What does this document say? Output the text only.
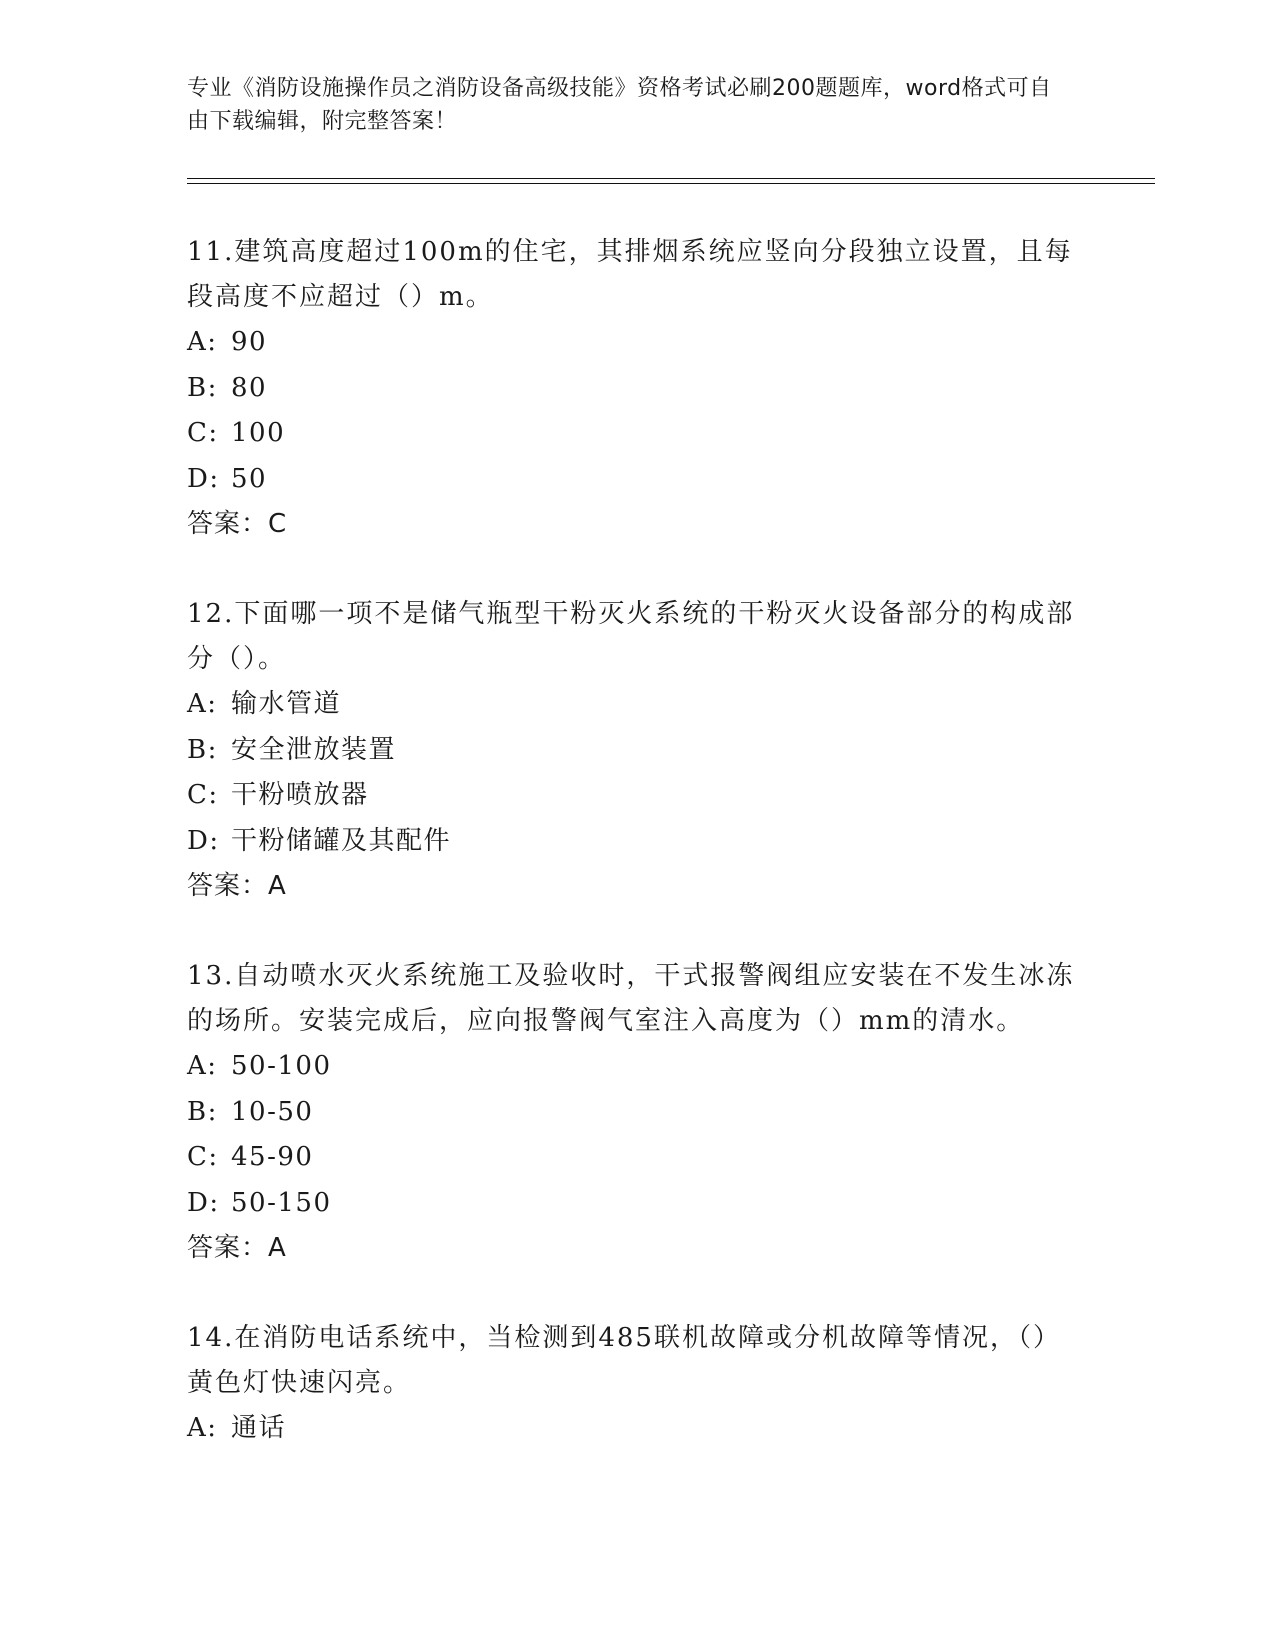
专业《消防设施操作员之消防设备高级技能》资格考试必刷200题题库，word格式可自由下载编辑，附完整答案！

11.建筑高度超过100m的住宅，其排烟系统应竖向分段独立设置，且每段高度不应超过（）m。

A: 90

B: 80

C: 100

D: 50

答案：C

12.下面哪一项不是储气瓶型干粉灭火系统的干粉灭火设备部分的构成部分（）。

A: 输水管道

B: 安全泄放装置

C: 干粉喷放器

D: 干粉储罐及其配件

答案：A

13.自动喷水灭火系统施工及验收时，干式报警阀组应安装在不发生冰冻的场所。安装完成后，应向报警阀气室注入高度为（）mm的清水。

A: 50-100

B: 10-50

C: 45-90

D: 50-150

答案：A

14.在消防电话系统中，当检测到485联机故障或分机故障等情况，（）黄色灯快速闪亮。

A: 通话
